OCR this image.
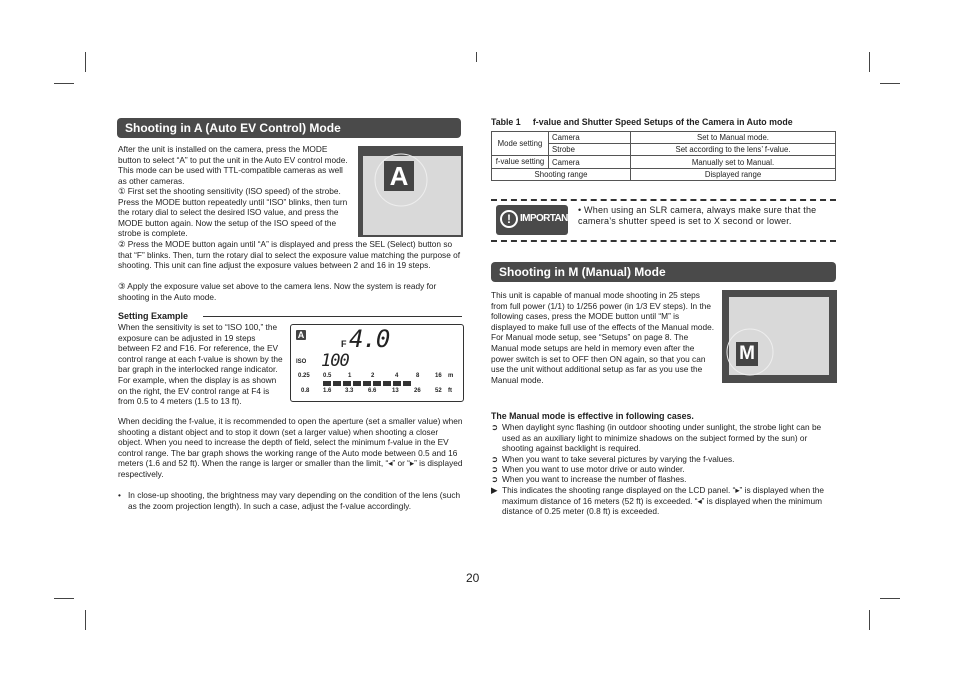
Shooting in A (Auto EV Control) Mode
After the unit is installed on the camera, press the MODE button to select “A” to put the unit in the Auto EV control mode. This mode can be used with TTL-compatible cameras as well as other cameras.
① First set the shooting sensitivity (ISO speed) of the strobe. Press the MODE button repeatedly until “ISO” blinks, then turn the rotary dial to select the desired ISO value, and press the MODE button again. Now the setup of the ISO speed of the strobe is complete.
A
② Press the MODE button again until “A” is displayed and press the SEL (Select) button so that “F” blinks. Then, turn the rotary dial to select the exposure value matching the purpose of shooting. This unit can fine adjust the exposure values between 2 and 16 in 19 steps.
③ Apply the exposure value set above to the camera lens. Now the system is ready for shooting in the Auto mode.
Setting Example
When the sensitivity is set to “ISO 100,” the exposure can be adjusted in 19 steps between F2 and F16. For reference, the EV control range at each f-value is shown by the bar graph in the interlocked range indicator. For example, when the display is as shown on the right, the EV control range at F4 is from 0.5 to 4 meters (1.5 to 13 ft).
A
F 4.0
ISO 100
0.25 0.5	1	2	4	8	16 m
0.8 1.6 3.3 6.6	13	26 52 ft
When deciding the f-value, it is recommended to open the aperture (set a smaller value) when shooting a distant object and to stop it down (set a larger value) when shooting a closer object. When you need to increase the depth of field, select the minimum f-value in the EV control range. The bar graph shows the working range of the Auto mode between 0.5 and 16 meters (1.6 and 52 ft). When the range is larger or smaller than the limit, “◂” or “▸” is displayed respectively.
• In close-up shooting, the brightness may vary depending on the condition of the lens (such as the zoom projection length). In such a case, adjust the f-value accordingly.
Table 1     f-value and Shutter Speed Setups of the Camera in Auto mode
Mode setting	Camera	Set to Manual mode.
	Strobe	Set according to the lens’ f-value.
f-value setting	Camera	Manually set to Manual.
Shooting range		Displayed range
! IMPORTANT
• When using an SLR camera, always make sure that the camera’s shutter speed is set to X second or lower.
Shooting in M (Manual) Mode
This unit is capable of manual mode shooting in 25 steps from full power (1/1) to 1/256 power (in 1/3 EV steps). In the following cases, press the MODE button until “M” is displayed to make full use of the effects of the Manual mode. For Manual mode setup, see “Setups” on page 8. The Manual mode setups are held in memory even after the power switch is set to OFF then ON again, so that you can use the unit without additional setup as far as you use the Manual mode.
M
The Manual mode is effective in following cases.
➲ When daylight sync flashing (in outdoor shooting under sunlight, the strobe light can be used as an auxiliary light to minimize shadows on the subject formed by the sun) or shooting against backlight is required.
➲ When you want to take several pictures by varying the f-values.
➲ When you want to use motor drive or auto winder.
➲ When you want to increase the number of flashes.
▶ This indicates the shooting range displayed on the LCD panel. “▸” is displayed when the maximum distance of 16 meters (52 ft) is exceeded. “◂” is displayed when the minimum distance of 0.25 meter (0.8 ft) is exceeded.
20
